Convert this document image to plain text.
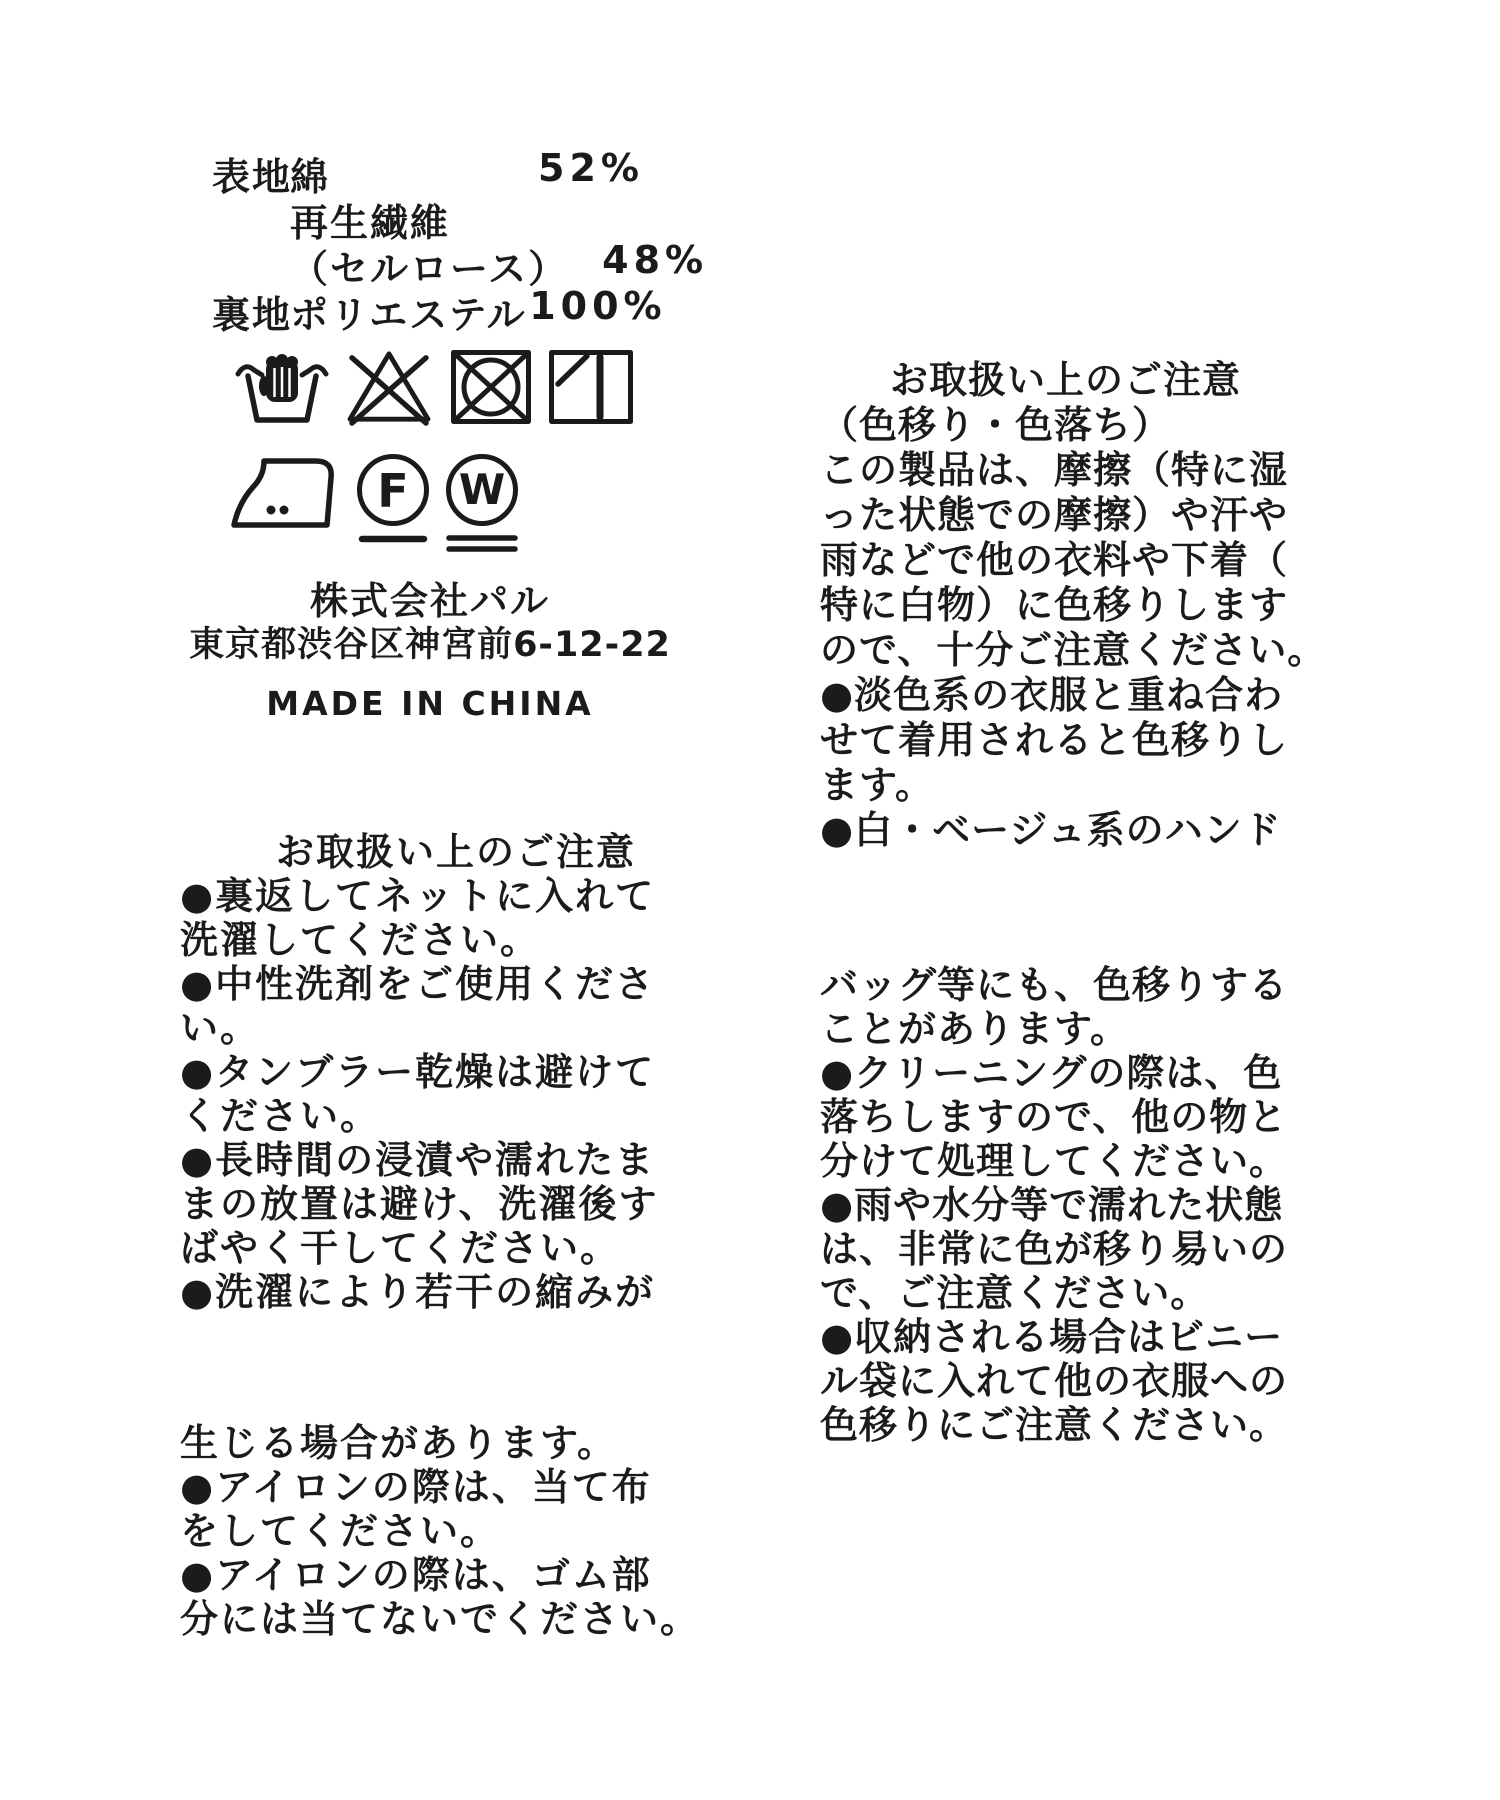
表地
綿	52%
再生繊維
（セルロース） 48%
裏地
ポリエステル 100%
F W
株式会社パル
東京都渋谷区神宮前6-12-22
MADE IN CHINA
お取扱い上のご注意
●裏返してネットに入れて
洗濯してください。
●中性洗剤をご使用くださ
い。
●タンブラー乾燥は避けて
ください。
●長時間の浸漬や濡れたま
まの放置は避け、洗濯後す
ばやく干してください。
●洗濯により若干の縮みが
生じる場合があります。
●アイロンの際は、当て布
をしてください。
●アイロンの際は、ゴム部
分には当てないでください。
お取扱い上のご注意
（色移り・色落ち）
この製品は、摩擦（特に湿
った状態での摩擦）や汗や
雨などで他の衣料や下着（
特に白物）に色移りします
ので、十分ご注意ください。
●淡色系の衣服と重ね合わ
せて着用されると色移りし
ます。
●白・ベージュ系のハンド
バッグ等にも、色移りする
ことがあります。
●クリーニングの際は、色
落ちしますので、他の物と
分けて処理してください。
●雨や水分等で濡れた状態
は、非常に色が移り易いの
で、ご注意ください。
●収納される場合はビニー
ル袋に入れて他の衣服への
色移りにご注意ください。
